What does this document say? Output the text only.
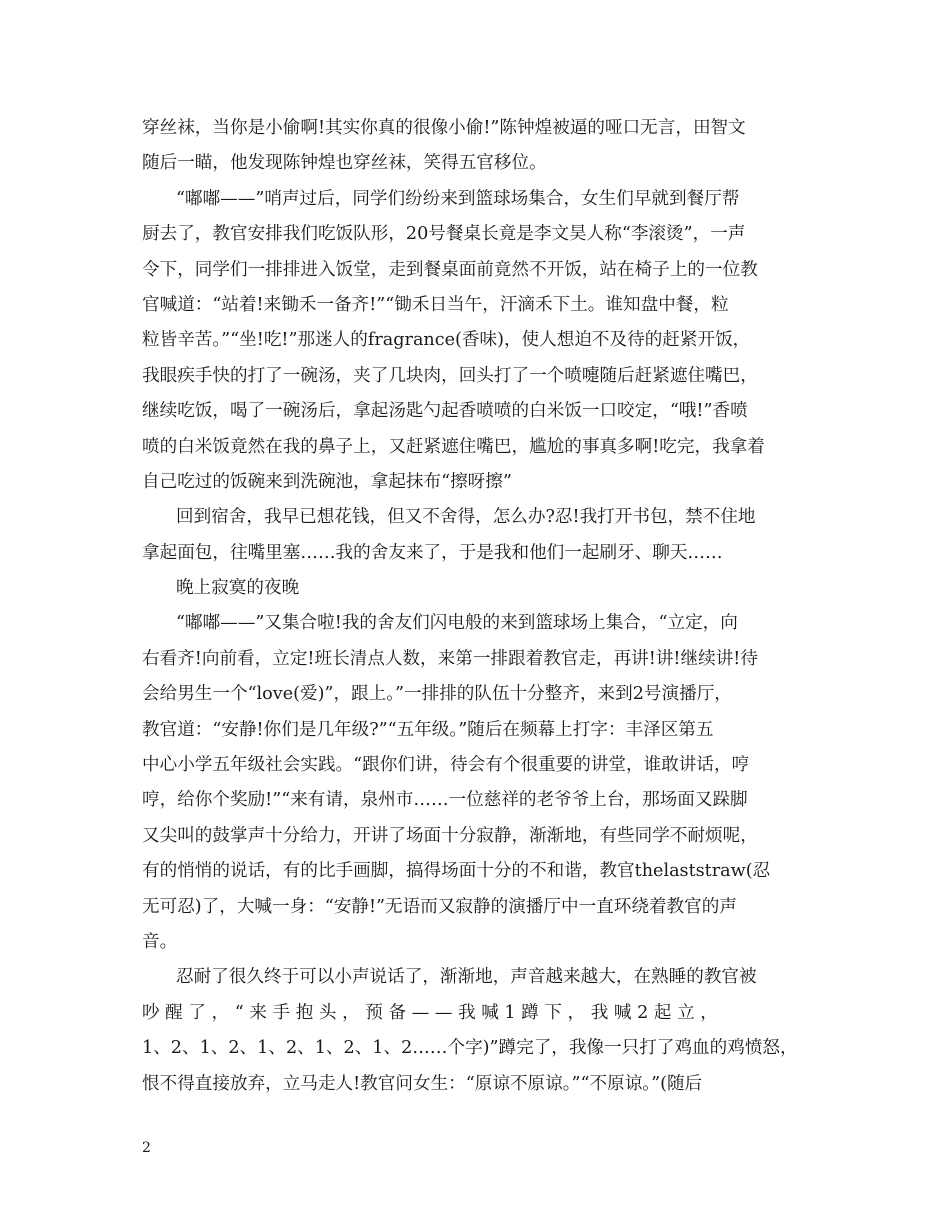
穿丝袜，当你是小偷啊!其实你真的很像小偷!”陈钟煌被逼的哑口无言，田智文
随后一瞄，他发现陈钟煌也穿丝袜，笑得五官移位。
“嘟嘟——”哨声过后，同学们纷纷来到篮球场集合，女生们早就到餐厅帮
厨去了，教官安排我们吃饭队形，20号餐桌长竟是李文昊人称“李滚烫”，一声
令下，同学们一排排进入饭堂，走到餐桌面前竟然不开饭，站在椅子上的一位教
官喊道：“站着!来锄禾一备齐!”“锄禾日当午，汗滴禾下土。谁知盘中餐，粒
粒皆辛苦。”“坐!吃!”那迷人的fragrance(香味)，使人想迫不及待的赶紧开饭，
我眼疾手快的打了一碗汤，夹了几块肉，回头打了一个喷嚏随后赶紧遮住嘴巴，
继续吃饭，喝了一碗汤后，拿起汤匙勺起香喷喷的白米饭一口咬定，“哦!”香喷
喷的白米饭竟然在我的鼻子上，又赶紧遮住嘴巴，尴尬的事真多啊!吃完，我拿着
自己吃过的饭碗来到洗碗池，拿起抹布“擦呀擦”
回到宿舍，我早已想花钱，但又不舍得，怎么办?忍!我打开书包，禁不住地
拿起面包，往嘴里塞……我的舍友来了，于是我和他们一起刷牙、聊天……
晚上寂寞的夜晚
“嘟嘟——”又集合啦!我的舍友们闪电般的来到篮球场上集合，“立定，向
右看齐!向前看，立定!班长清点人数，来第一排跟着教官走，再讲!讲!继续讲!待
会给男生一个“love(爱)”，跟上。”一排排的队伍十分整齐，来到2号演播厅，
教官道：“安静!你们是几年级?”“五年级。”随后在频幕上打字：丰泽区第五
中心小学五年级社会实践。“跟你们讲，待会有个很重要的讲堂，谁敢讲话，哼
哼，给你个奖励!”“来有请，泉州市……一位慈祥的老爷爷上台，那场面又跺脚
又尖叫的鼓掌声十分给力，开讲了场面十分寂静，渐渐地，有些同学不耐烦呢，
有的悄悄的说话，有的比手画脚，搞得场面十分的不和谐，教官thelaststraw(忍
无可忍)了，大喊一身：“安静!”无语而又寂静的演播厅中一直环绕着教官的声
音。
忍耐了很久终于可以小声说话了，渐渐地，声音越来越大，在熟睡的教官被
吵 醒 了 ， “ 来 手 抱 头 ， 预 备 — — 我 喊 1 蹲 下 ， 我 喊 2 起 立 ，
1、2、1、2、1、2、1、2、1、2……个字)”蹲完了，我像一只打了鸡血的鸡愤怒，
恨不得直接放弃，立马走人!教官问女生：“原谅不原谅。”“不原谅。”(随后
2
